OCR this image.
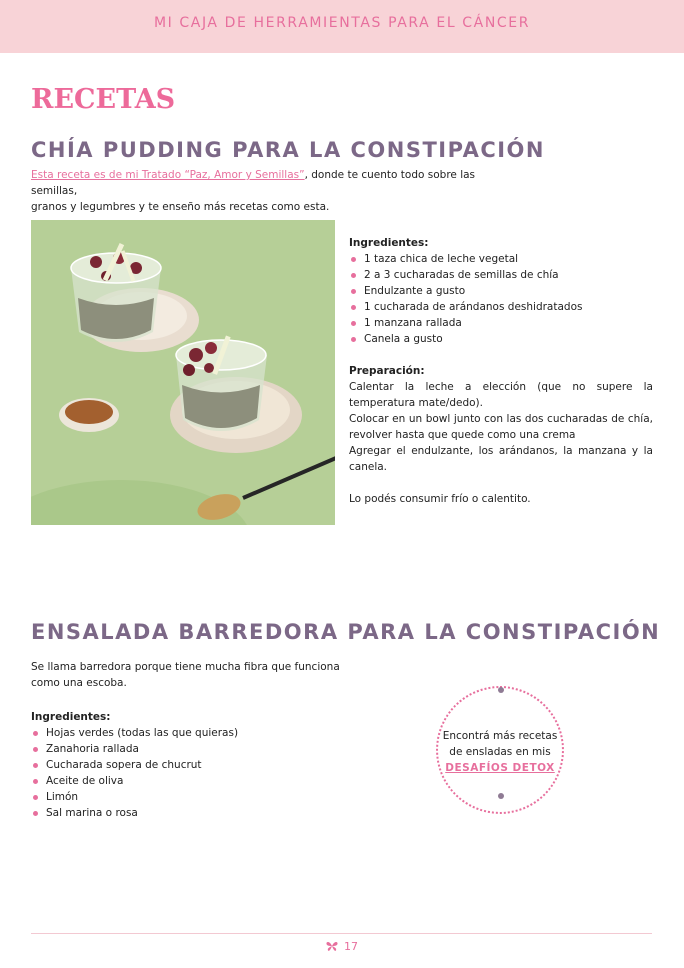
MI CAJA DE HERRAMIENTAS PARA EL CÁNCER
RECETAS
CHÍA PUDDING PARA LA CONSTIPACIÓN
Esta receta es de mi Tratado “Paz, Amor y Semillas”, donde te cuento todo sobre las semillas,
granos y legumbres y te enseño más recetas como esta.
Ingredientes:
1 taza chica de leche vegetal
2 a 3 cucharadas de semillas de chía
Endulzante a gusto
1 cucharada de arándanos deshidratados
1 manzana rallada
Canela a gusto
Preparación:

Calentar la leche a elección (que no supere la temperatura mate/dedo).

Colocar en un bowl junto con las dos cucharadas de chía, revolver hasta que quede como una crema

Agregar el endulzante, los arándanos, la manzana y la canela.

Lo podés consumir frío o calentito.
ENSALADA BARREDORA PARA LA CONSTIPACIÓN
Se llama barredora porque tiene mucha fibra que funciona
como una escoba.
Ingredientes:
Hojas verdes (todas las que quieras)
Zanahoria rallada
Cucharada sopera de chucrut
Aceite de oliva
Limón
Sal marina o rosa
Encontrá más recetas
de ensladas en mis
DESAFÍOS DETOX
17
